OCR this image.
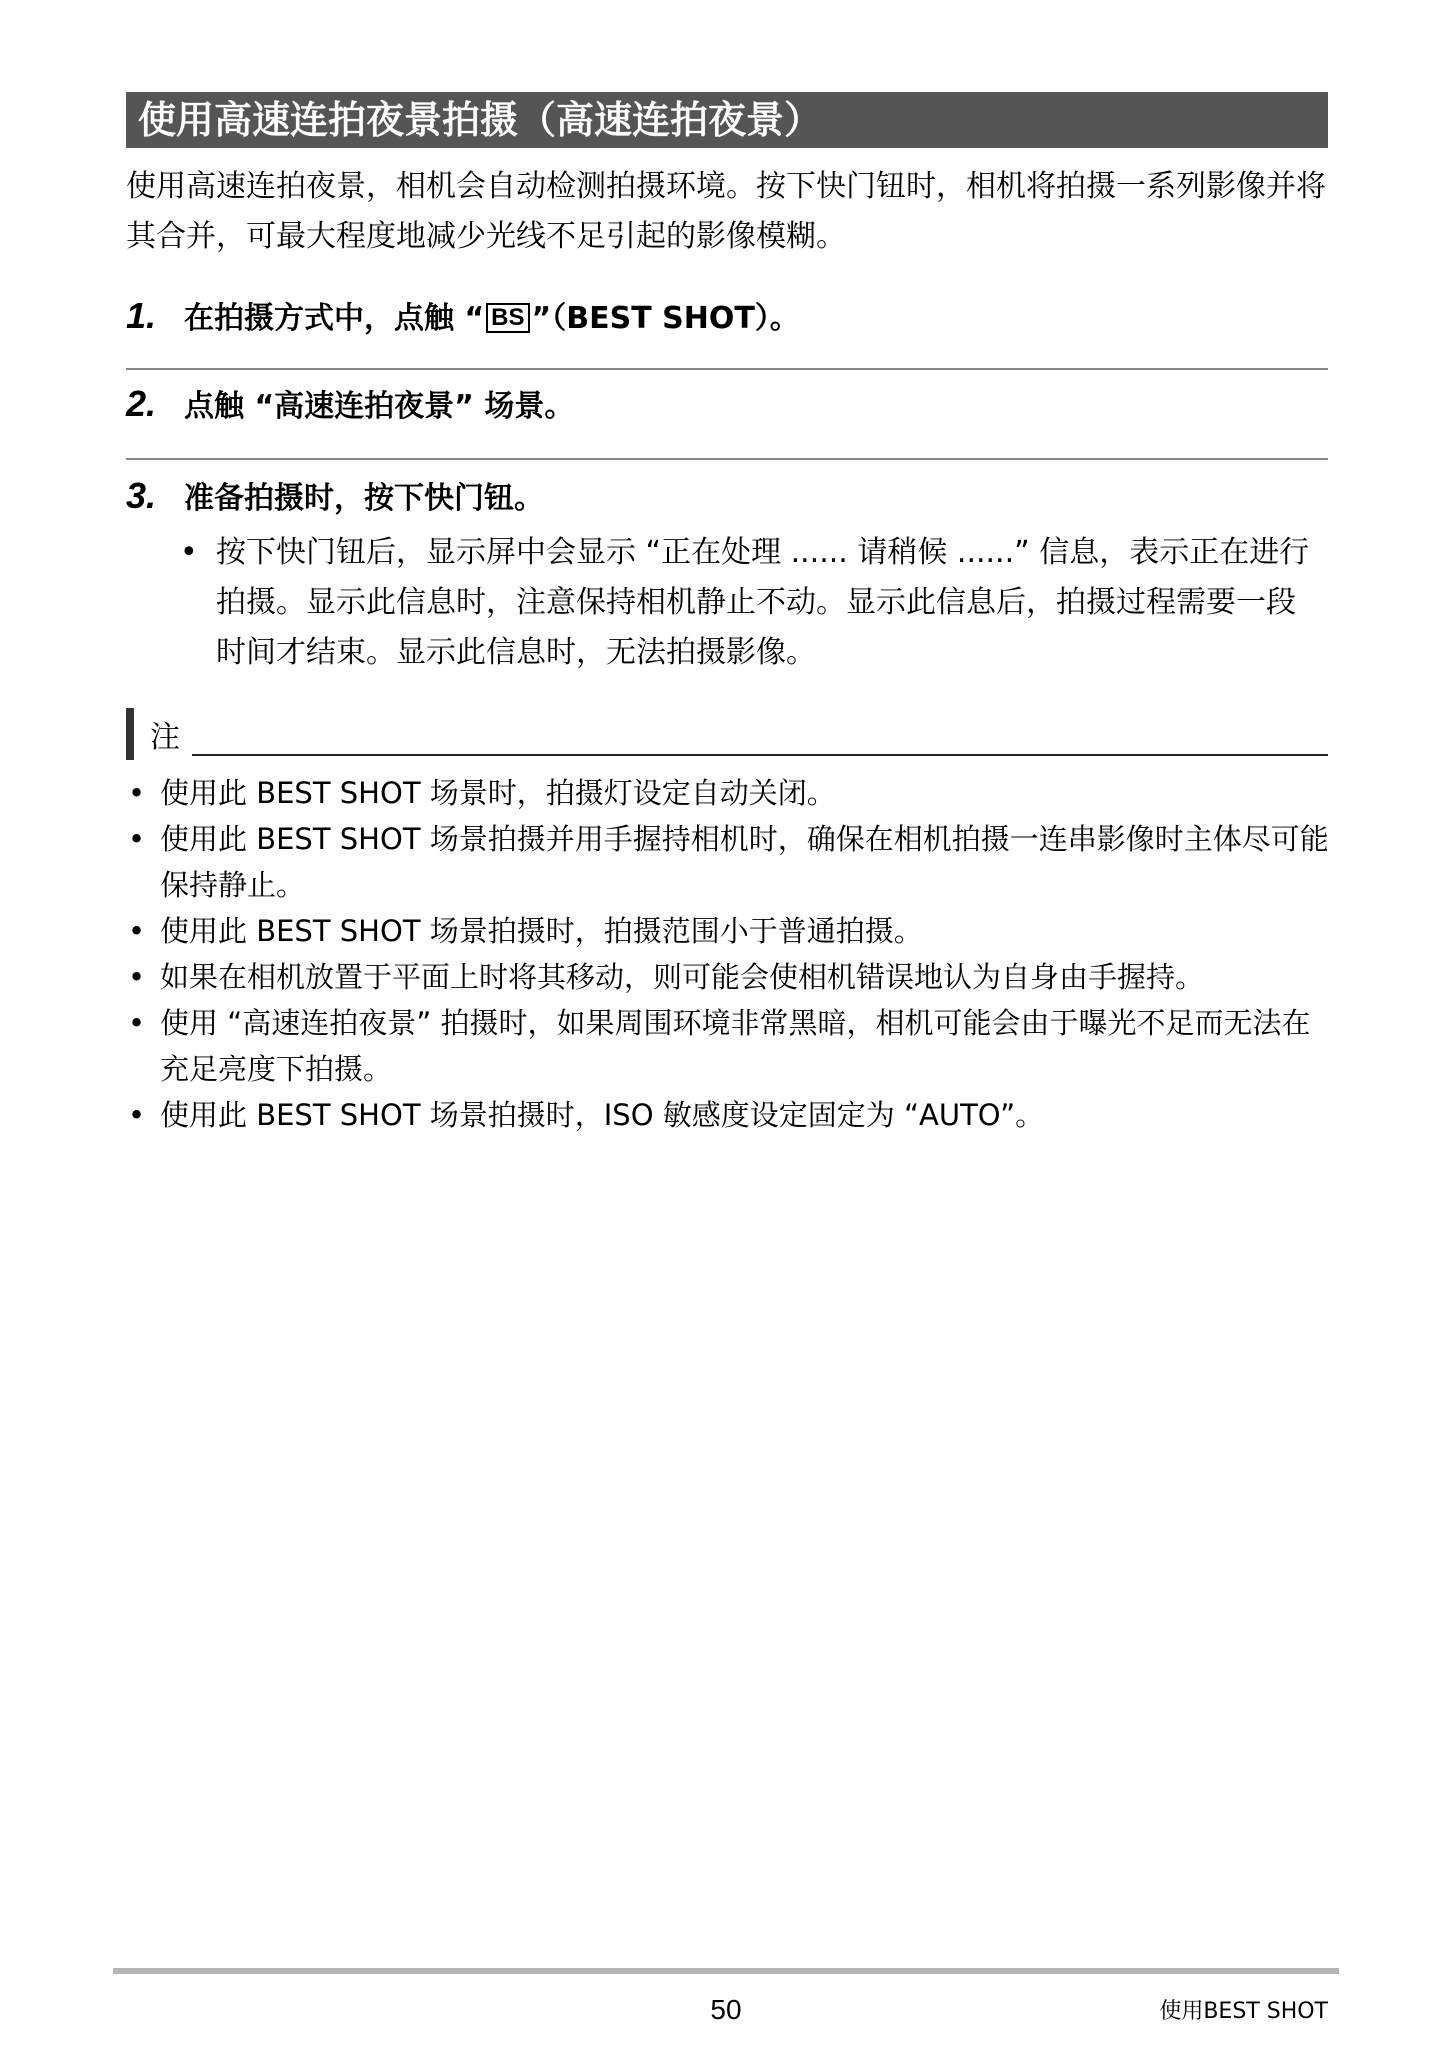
使用高速连拍夜景拍摄（高速连拍夜景）

使用高速连拍夜景，相机会自动检测拍摄环境。按下快门钮时，相机将拍摄一系列影像并将其合并，可最大程度地减少光线不足引起的影像模糊。

1. 在拍摄方式中，点触 “ BS ”（BEST SHOT）。
2. 点触 “高速连拍夜景” 场景。
3. 准备拍摄时，按下快门钮。
• 按下快门钮后，显示屏中会显示 “正在处理 ...... 请稍候 ......” 信息，表示正在进行拍摄。显示此信息时，注意保持相机静止不动。显示此信息后，拍摄过程需要一段时间才结束。显示此信息时，无法拍摄影像。
注
• 使用此 BEST SHOT 场景时，拍摄灯设定自动关闭。
• 使用此 BEST SHOT 场景拍摄并用手握持相机时，确保在相机拍摄一连串影像时主体尽可能保持静止。
• 使用此 BEST SHOT 场景拍摄时，拍摄范围小于普通拍摄。
• 如果在相机放置于平面上时将其移动，则可能会使相机错误地认为自身由手握持。
• 使用 “高速连拍夜景” 拍摄时，如果周围环境非常黑暗，相机可能会由于曝光不足而无法在充足亮度下拍摄。
• 使用此 BEST SHOT 场景拍摄时，ISO 敏感度设定固定为 “AUTO”。
50	使用BEST SHOT
